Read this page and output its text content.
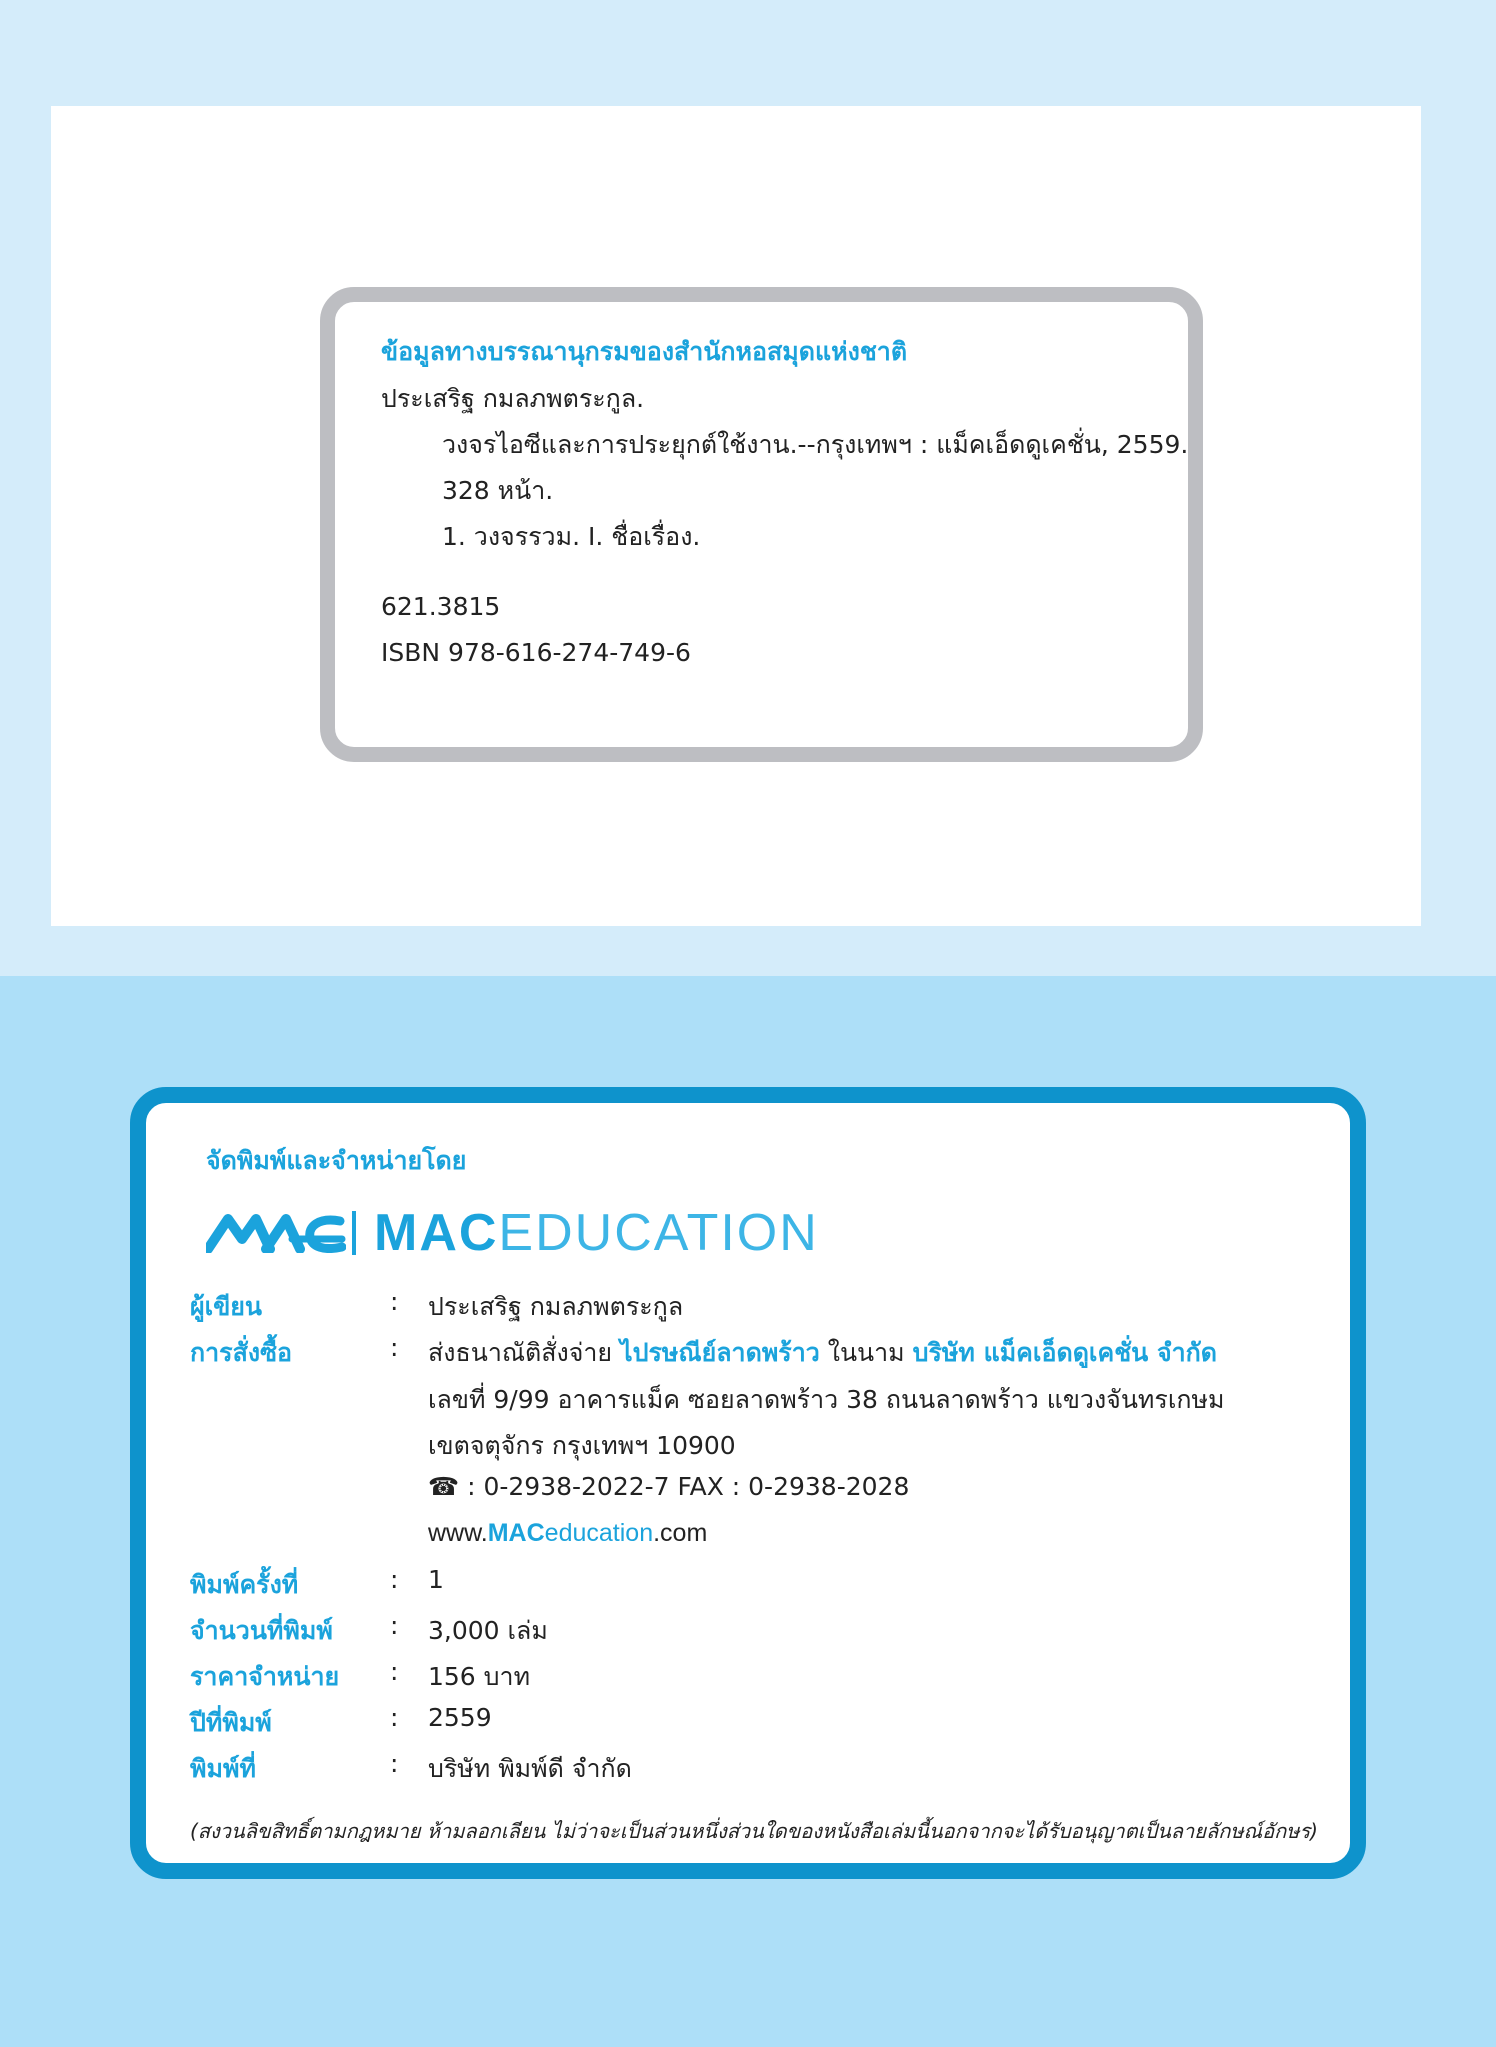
ข้อมูลทางบรรณานุกรมของสำนักหอสมุดแห่งชาติ
ประเสริฐ กมลภพตระกูล.
วงจรไอซีและการประยุกต์ใช้งาน.--กรุงเทพฯ : แม็คเอ็ดดูเคชั่น, 2559.
328 หน้า.
1. วงจรรวม. I. ชื่อเรื่อง.
621.3815
ISBN 978-616-274-749-6
จัดพิมพ์และจำหน่ายโดย
MACEDUCATION
ผู้เขียน	: ประเสริฐ กมลภพตระกูล
การสั่งซื้อ	: ส่งธนาณัติสั่งจ่าย ไปรษณีย์ลาดพร้าว ในนาม บริษัท แม็คเอ็ดดูเคชั่น จำกัด
เลขที่ 9/99 อาคารแม็ค ซอยลาดพร้าว 38 ถนนลาดพร้าว แขวงจันทรเกษม
เขตจตุจักร กรุงเทพฯ 10900
☎ : 0-2938-2022-7 FAX : 0-2938-2028
www.MACeducation.com
พิมพ์ครั้งที่	: 1
จำนวนที่พิมพ์ : 3,000 เล่ม
ราคาจำหน่าย : 156 บาท
ปีที่พิมพ์	: 2559
พิมพ์ที่	: บริษัท พิมพ์ดี จำกัด
(สงวนลิขสิทธิ์ตามกฎหมาย ห้ามลอกเลียน ไม่ว่าจะเป็นส่วนหนึ่งส่วนใดของหนังสือเล่มนี้นอกจากจะได้รับอนุญาตเป็นลายลักษณ์อักษร)
